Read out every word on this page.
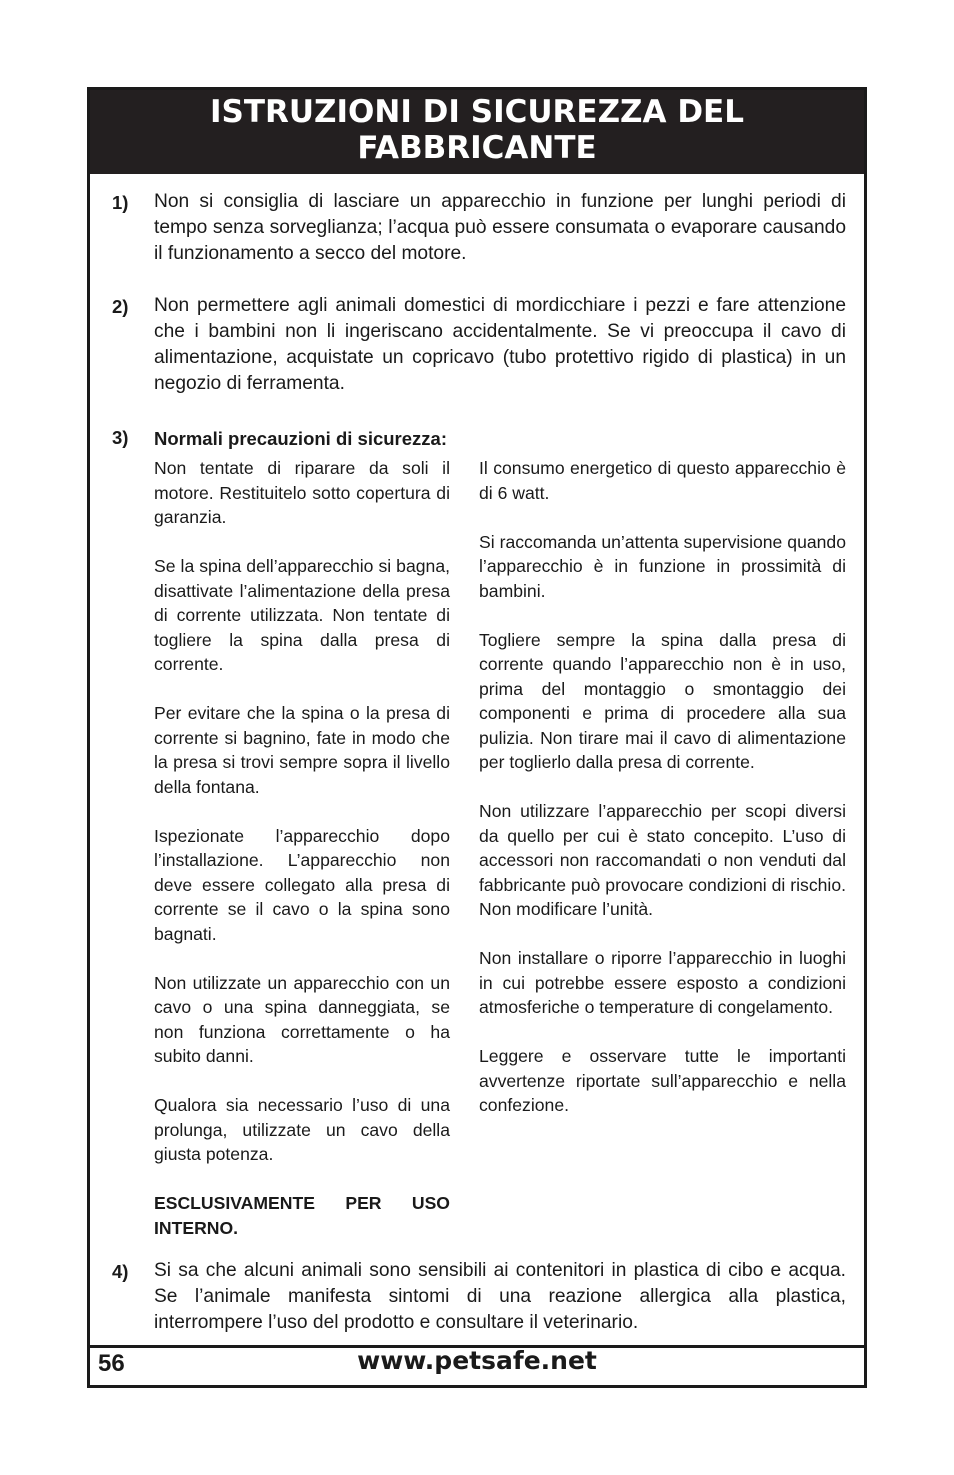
ISTRUZIONI DI SICUREZZA DEL
FABBRICANTE
1) Non si consiglia di lasciare un apparecchio in funzione per lunghi periodi di tempo senza sorveglianza; l’acqua può essere consumata o evaporare causando il funzionamento a secco del motore.
2) Non permettere agli animali domestici di mordicchiare i pezzi e fare attenzione che i bambini non li ingeriscano accidentalmente. Se vi preoccupa il cavo di alimentazione, acquistate un copricavo (tubo protettivo rigido di plastica) in un negozio di ferramenta.
3) Normali precauzioni di sicurezza:

Non tentate di riparare da soli il motore. Restituitelo sotto copertura di garanzia.

Se la spina dell’apparecchio si bagna, disattivate l’alimentazione della presa di corrente utilizzata. Non tentate di togliere la spina dalla presa di corrente.

Per evitare che la spina o la presa di corrente si bagnino, fate in modo che la presa si trovi sempre sopra il livello della fontana.

Ispezionate l’apparecchio dopo l’installazione. L’apparecchio non deve essere collegato alla presa di corrente se il cavo o la spina sono bagnati.

Non utilizzate un apparecchio con un cavo o una spina danneggiata, se non funziona correttamente o ha subito danni.

Qualora sia necessario l’uso di una prolunga, utilizzate un cavo della giusta potenza.

ESCLUSIVAMENTE PER USO INTERNO.

Il consumo energetico di questo apparecchio è di 6 watt.

Si raccomanda un’attenta supervisione quando l’apparecchio è in funzione in prossimità di bambini.

Togliere sempre la spina dalla presa di corrente quando l’apparecchio non è in uso, prima del montaggio o smontaggio dei componenti e prima di procedere alla sua pulizia. Non tirare mai il cavo di alimentazione per toglierlo dalla presa di corrente.

Non utilizzare l’apparecchio per scopi diversi da quello per cui è stato concepito. L’uso di accessori non raccomandati o non venduti dal fabbricante può provocare condizioni di rischio. Non modificare l’unità.

Non installare o riporre l’apparecchio in luoghi in cui potrebbe essere esposto a condizioni atmosferiche o temperature di congelamento.

Leggere e osservare tutte le importanti avvertenze riportate sull’apparecchio e nella confezione.

4) Si sa che alcuni animali sono sensibili ai contenitori in plastica di cibo e acqua. Se l’animale manifesta sintomi di una reazione allergica alla plastica, interrompere l’uso del prodotto e consultare il veterinario.
56	www.petsafe.net
